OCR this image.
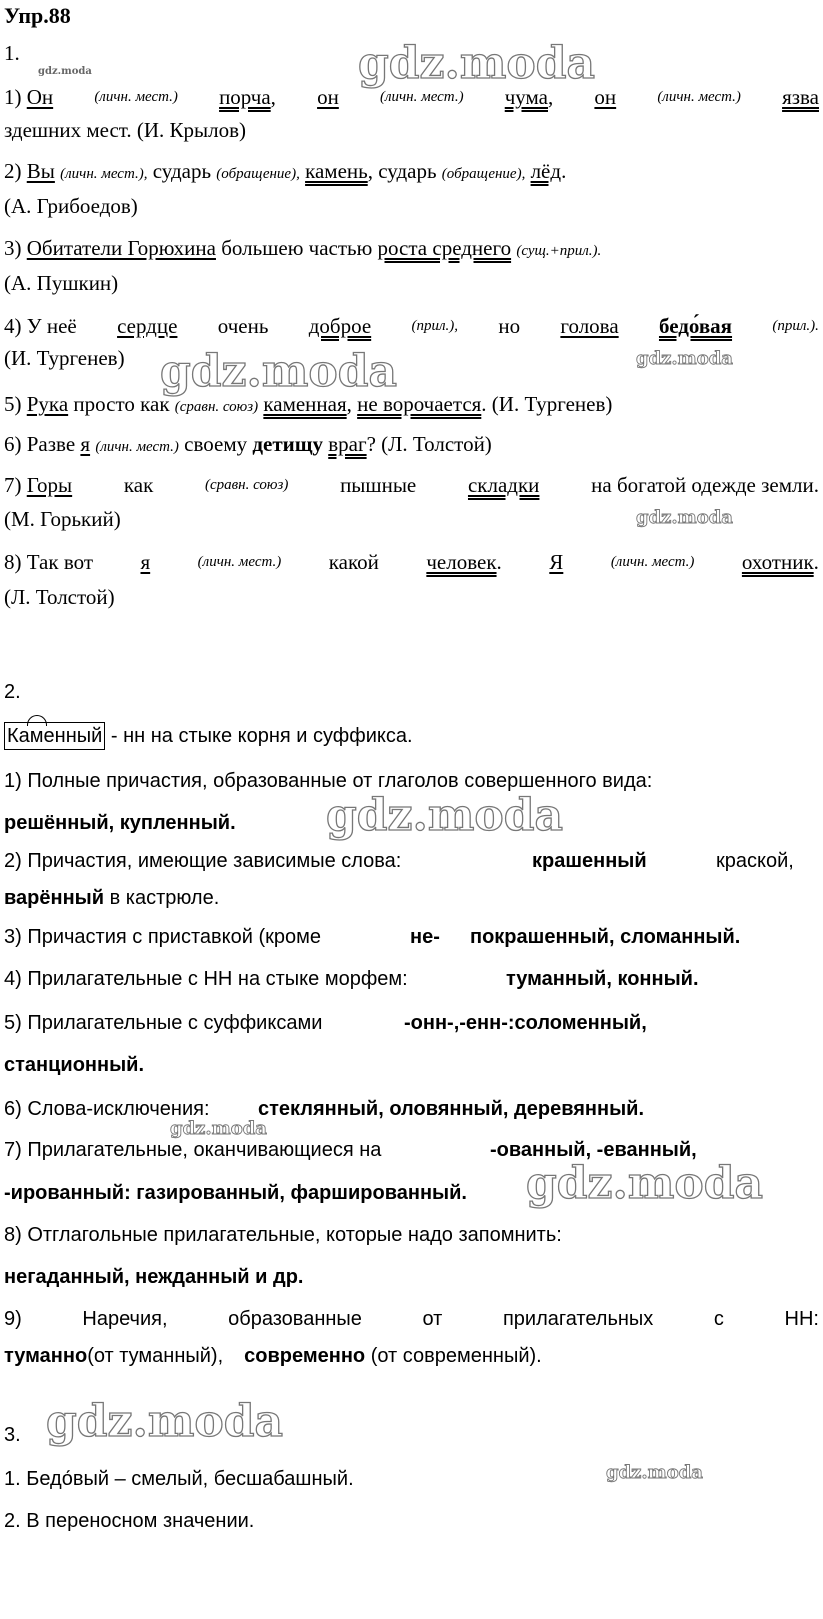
Упр.88
gdz.moda	gdz.moda
gdz.moda	gdz.moda
gdz.moda
gdz.moda
gdz.moda
gdz.moda
gdz.moda
gdz.moda
1.
1) Он	(личн. мест.) порча, он	(личн. мест.) чума, он	(личн. мест.) язва
здешних мест. (И. Крылов)
2) Вы (личн. мест.), сударь (обращение), камень, сударь (обращение), лёд.
(А. Грибоедов)
3) Обитатели Горюхина большею частью роста среднего (сущ.+прил.).
(А. Пушкин)
4) У неё сердце очень доброе	(прил.), но голова бедо́вая	(прил.).
(И. Тургенев)
5) Рука просто как (сравн. союз) каменная, не ворочается. (И. Тургенев)
6) Разве я (личн. мест.) своему детищу враг? (Л. Толстой)
7) Горы как	(сравн. союз) пышные складки на богатой одежде земли.
(М. Горький)
8) Так вот я	(личн. мест.) какой человек. Я	(личн. мест.) охотник.
(Л. Толстой)
2.
Каменный - нн на стыке корня и суффикса.
1) Полные причастия, образованные от глаголов совершенного вида:
решённый, купленный.
2) Причастия, имеющие зависимые слова:	крашенный	краской,
варённый в кастрюле.
3) Причастия с приставкой (кроме	не- покрашенный, сломанный.
4) Прилагательные с НН на стыке морфем:	туманный, конный.
5) Прилагательные с суффиксами	-онн-,-енн-:соломенный,
станционный.
6) Слова-исключения: стеклянный, оловянный, деревянный.
7) Прилагательные, оканчивающиеся на	-ованный, -еванный,
-ированный: газированный, фаршированный.
8) Отглагольные прилагательные, которые надо запомнить:
негаданный, нежданный и др.
9)	Наречия,	образованные	от	прилагательных	с	НН:
туманно(от туманный), современно (от современный).
3.
1. Бедо́вый – смелый, бесшабашный.
2. В переносном значении.
